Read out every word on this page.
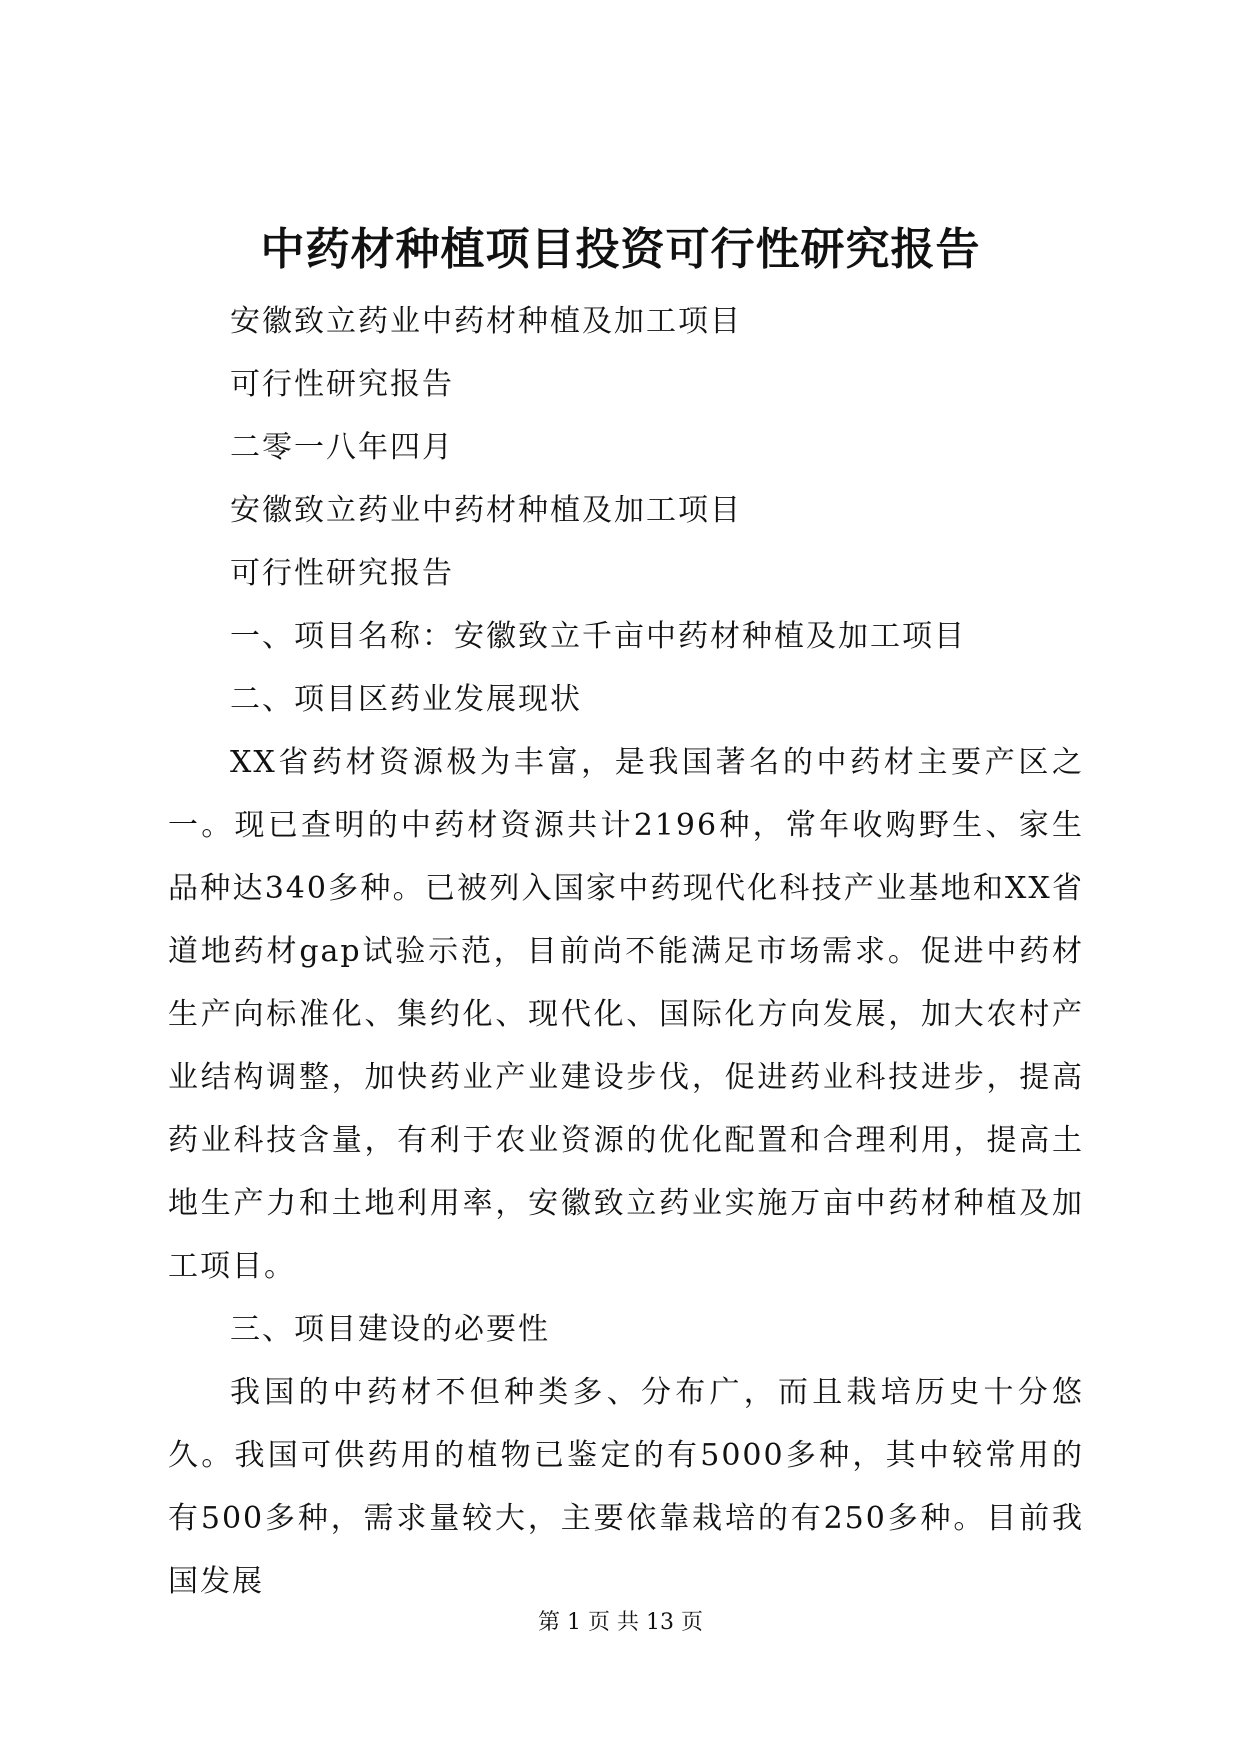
中药材种植项目投资可行性研究报告
安徽致立药业中药材种植及加工项目
可行性研究报告
二零一八年四月
安徽致立药业中药材种植及加工项目
可行性研究报告
一、项目名称：安徽致立千亩中药材种植及加工项目
二、项目区药业发展现状

XX省药材资源极为丰富，是我国著名的中药材主要产区之一。现已查明的中药材资源共计2196种，常年收购野生、家生品种达340多种。已被列入国家中药现代化科技产业基地和XX省道地药材gap试验示范，目前尚不能满足市场需求。促进中药材生产向标准化、集约化、现代化、国际化方向发展，加大农村产业结构调整，加快药业产业建设步伐，促进药业科技进步，提高药业科技含量，有利于农业资源的优化配置和合理利用，提高土地生产力和土地利用率，安徽致立药业实施万亩中药材种植及加工项目。

三、项目建设的必要性

我国的中药材不但种类多、分布广，而且栽培历史十分悠久。我国可供药用的植物已鉴定的有5000多种，其中较常用的有500多种，需求量较大，主要依靠栽培的有250多种。目前我国发展

第 1 页 共 13 页
